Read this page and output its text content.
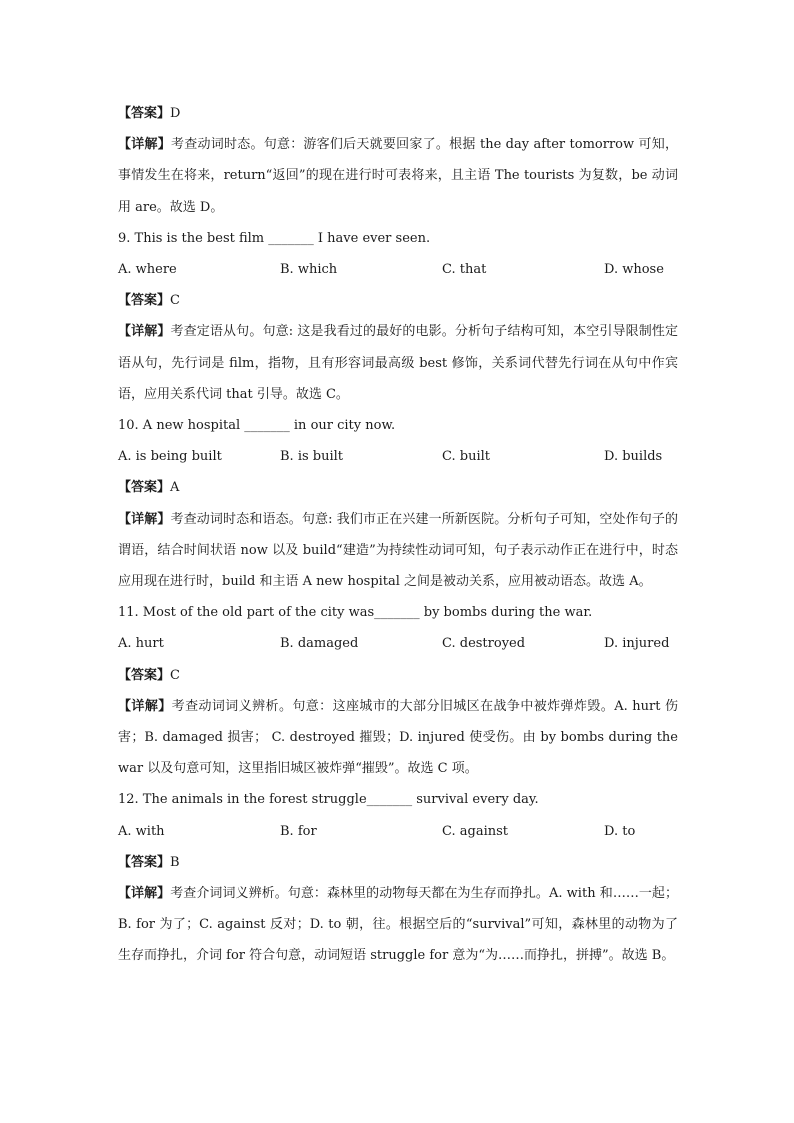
【答案】D

【详解】考查动词时态。句意：游客们后天就要回家了。根据 the day after tomorrow 可知，事情发生在将来，return“返回”的现在进行时可表将来，且主语 The tourists 为复数，be 动词用 are。故选 D。

9. This is the best film _______ I have ever seen.

A. where	B. which	C. that	D. whose

【答案】C

【详解】考查定语从句。句意: 这是我看过的最好的电影。分析句子结构可知，本空引导限制性定语从句，先行词是 film，指物，且有形容词最高级 best 修饰，关系词代替先行词在从句中作宾语，应用关系代词 that 引导。故选 C。

10. A new hospital _______ in our city now.

A. is being built	B. is built	C. built	D. builds

【答案】A

【详解】考查动词时态和语态。句意: 我们市正在兴建一所新医院。分析句子可知，空处作句子的谓语，结合时间状语 now 以及 build“建造”为持续性动词可知，句子表示动作正在进行中，时态应用现在进行时，build 和主语 A new hospital 之间是被动关系，应用被动语态。故选 A。

11. Most of the old part of the city was_______ by bombs during the war.

A. hurt	B. damaged	C. destroyed	D. injured

【答案】C

【详解】考查动词词义辨析。句意：这座城市的大部分旧城区在战争中被炸弹炸毁。A. hurt 伤害；B. damaged 损害； C. destroyed 摧毁；D. injured 使受伤。由 by bombs during the war 以及句意可知，这里指旧城区被炸弹“摧毁”。故选 C 项。

12. The animals in the forest struggle_______ survival every day.

A. with	B. for	C. against	D. to

【答案】B

【详解】考查介词词义辨析。句意：森林里的动物每天都在为生存而挣扎。A. with 和……一起；B. for 为了；C. against 反对；D. to 朝，往。根据空后的“survival”可知，森林里的动物为了生存而挣扎，介词 for 符合句意，动词短语 struggle for 意为“为……而挣扎，拼搏”。故选 B。
